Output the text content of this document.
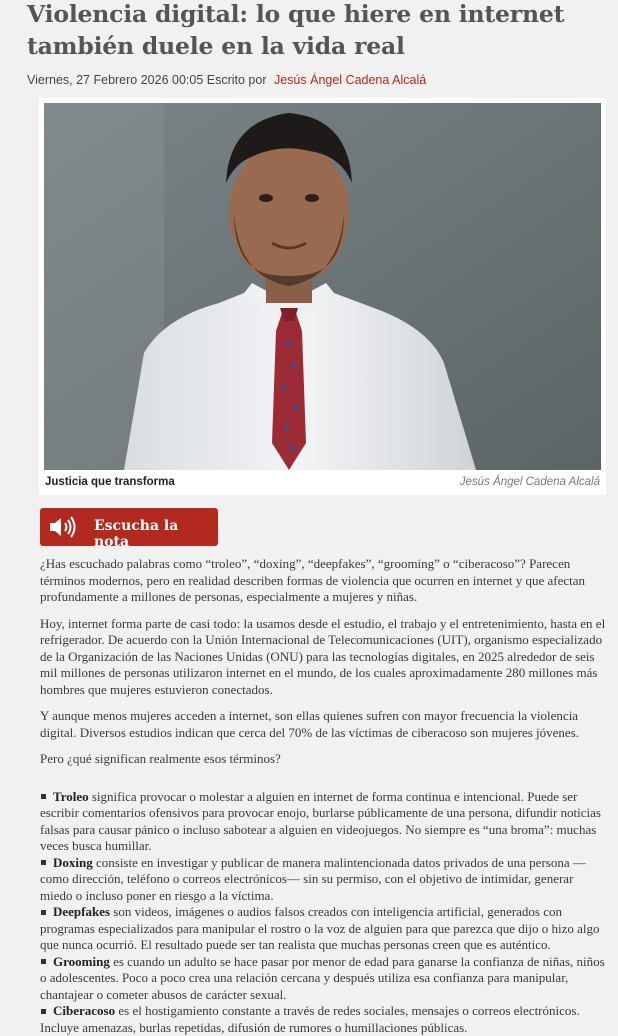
Violencia digital: lo que hiere en internet también duele en la vida real
Viernes, 27 Febrero 2026 00:05 Escrito por Jesús Ángel Cadena Alcalá
Justicia que transforma	Jesús Ángel Cadena Alcalá
Escucha la nota

¿Has escuchado palabras como “troleo”, “doxing”, “deepfakes”, “grooming” o “ciberacoso”? Parecen términos modernos, pero en realidad describen formas de violencia que ocurren en internet y que afectan profundamente a millones de personas, especialmente a mujeres y niñas.

Hoy, internet forma parte de casi todo: la usamos desde el estudio, el trabajo y el entretenimiento, hasta en el refrigerador. De acuerdo con la Unión Internacional de Telecomunicaciones (UIT), organismo especializado de la Organización de las Naciones Unidas (ONU) para las tecnologías digitales, en 2025 alrededor de seis mil millones de personas utilizaron internet en el mundo, de los cuales aproximadamente 280 millones más hombres que mujeres estuvieron conectados.

Y aunque menos mujeres acceden a internet, son ellas quienes sufren con mayor frecuencia la violencia digital. Diversos estudios indican que cerca del 70% de las víctimas de ciberacoso son mujeres jóvenes.

Pero ¿qué significan realmente esos términos?

Troleo significa provocar o molestar a alguien en internet de forma continua e intencional. Puede ser escribir comentarios ofensivos para provocar enojo, burlarse públicamente de una persona, difundir noticias falsas para causar pánico o incluso sabotear a alguien en videojuegos. No siempre es “una broma”: muchas veces busca humillar.
Doxing consiste en investigar y publicar de manera malintencionada datos privados de una persona —como dirección, teléfono o correos electrónicos— sin su permiso, con el objetivo de intimidar, generar miedo o incluso poner en riesgo a la víctima.
Deepfakes son videos, imágenes o audios falsos creados con inteligencia artificial, generados con programas especializados para manipular el rostro o la voz de alguien para que parezca que dijo o hizo algo que nunca ocurrió. El resultado puede ser tan realista que muchas personas creen que es auténtico.
Grooming es cuando un adulto se hace pasar por menor de edad para ganarse la confianza de niñas, niños o adolescentes. Poco a poco crea una relación cercana y después utiliza esa confianza para manipular, chantajear o cometer abusos de carácter sexual.
Ciberacoso es el hostigamiento constante a través de redes sociales, mensajes o correos electrónicos. Incluye amenazas, burlas repetidas, difusión de rumores o humillaciones públicas.
